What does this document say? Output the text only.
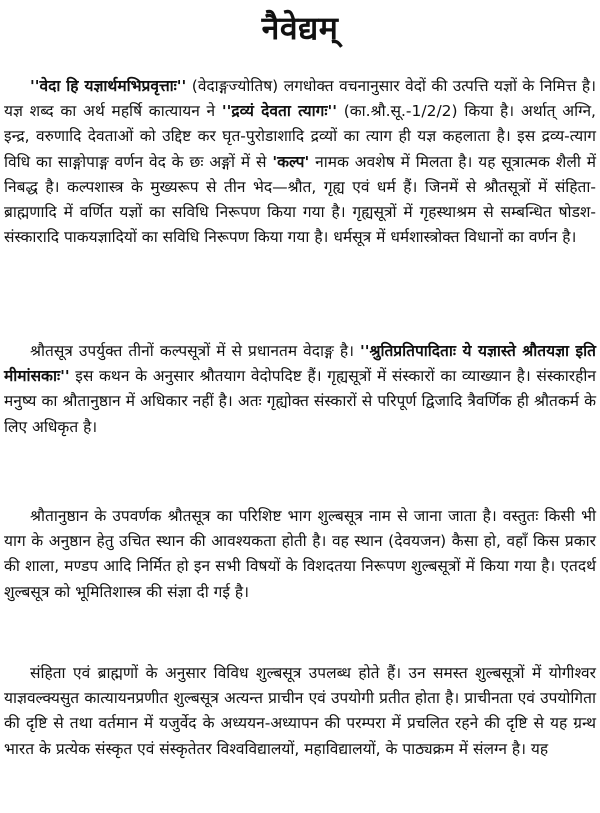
नैवेद्यम्

''वेदा हि यज्ञार्थमभिप्रवृत्ताः'' (वेदाङ्गज्योतिष) लगधोक्त वचनानुसार वेदों की उत्पत्ति यज्ञों के निमित्त है। यज्ञ शब्द का अर्थ महर्षि कात्यायन ने ''द्रव्यं देवता त्यागः'' (का.श्रौ.सू.-1/2/2) किया है। अर्थात् अग्नि, इन्द्र, वरुणादि देवताओं को उद्दिष्ट कर घृत-पुरोडाशादि द्रव्यों का त्याग ही यज्ञ कहलाता है। इस द्रव्य-त्याग विधि का साङ्गोपाङ्ग वर्णन वेद के छः अङ्गों में से 'कल्प' नामक अवशेष में मिलता है। यह सूत्रात्मक शैली में निबद्ध है। कल्पशास्त्र के मुख्यरूप से तीन भेद—श्रौत, गृह्य एवं धर्म हैं। जिनमें से श्रौतसूत्रों में संहिता-ब्राह्मणादि में वर्णित यज्ञों का सविधि निरूपण किया गया है। गृह्यसूत्रों में गृहस्थाश्रम से सम्बन्धित षोडश-संस्कारादि पाकयज्ञादियों का सविधि निरूपण किया गया है। धर्मसूत्र में धर्मशास्त्रोक्त विधानों का वर्णन है।

श्रौतसूत्र उपर्युक्त तीनों कल्पसूत्रों में से प्रधानतम वेदाङ्ग है। ''श्रुतिप्रतिपादिताः ये यज्ञास्ते श्रौतयज्ञा इति मीमांसकाः'' इस कथन के अनुसार श्रौतयाग वेदोपदिष्ट हैं। गृह्यसूत्रों में संस्कारों का व्याख्यान है। संस्कारहीन मनुष्य का श्रौतानुष्ठान में अधिकार नहीं है। अतः गृह्योक्त संस्कारों से परिपूर्ण द्विजादि त्रैवर्णिक ही श्रौतकर्म के लिए अधिकृत है।

श्रौतानुष्ठान के उपवर्णक श्रौतसूत्र का परिशिष्ट भाग शुल्बसूत्र नाम से जाना जाता है। वस्तुतः किसी भी याग के अनुष्ठान हेतु उचित स्थान की आवश्यकता होती है। वह स्थान (देवयजन) कैसा हो, वहाँ किस प्रकार की शाला, मण्डप आदि निर्मित हो इन सभी विषयों के विशदतया निरूपण शुल्बसूत्रों में किया गया है। एतदर्थ शुल्बसूत्र को भूमितिशास्त्र की संज्ञा दी गई है।

संहिता एवं ब्राह्मणों के अनुसार विविध शुल्बसूत्र उपलब्ध होते हैं। उन समस्त शुल्बसूत्रों में योगीश्वर याज्ञवल्क्यसुत कात्यायनप्रणीत शुल्बसूत्र अत्यन्त प्राचीन एवं उपयोगी प्रतीत होता है। प्राचीनता एवं उपयोगिता की दृष्टि से तथा वर्तमान में यजुर्वेद के अध्ययन-अध्यापन की परम्परा में प्रचलित रहने की दृष्टि से यह ग्रन्थ भारत के प्रत्येक संस्कृत एवं संस्कृतेतर विश्वविद्यालयों, महाविद्यालयों, के पाठ्यक्रम में संलग्न है। यह
